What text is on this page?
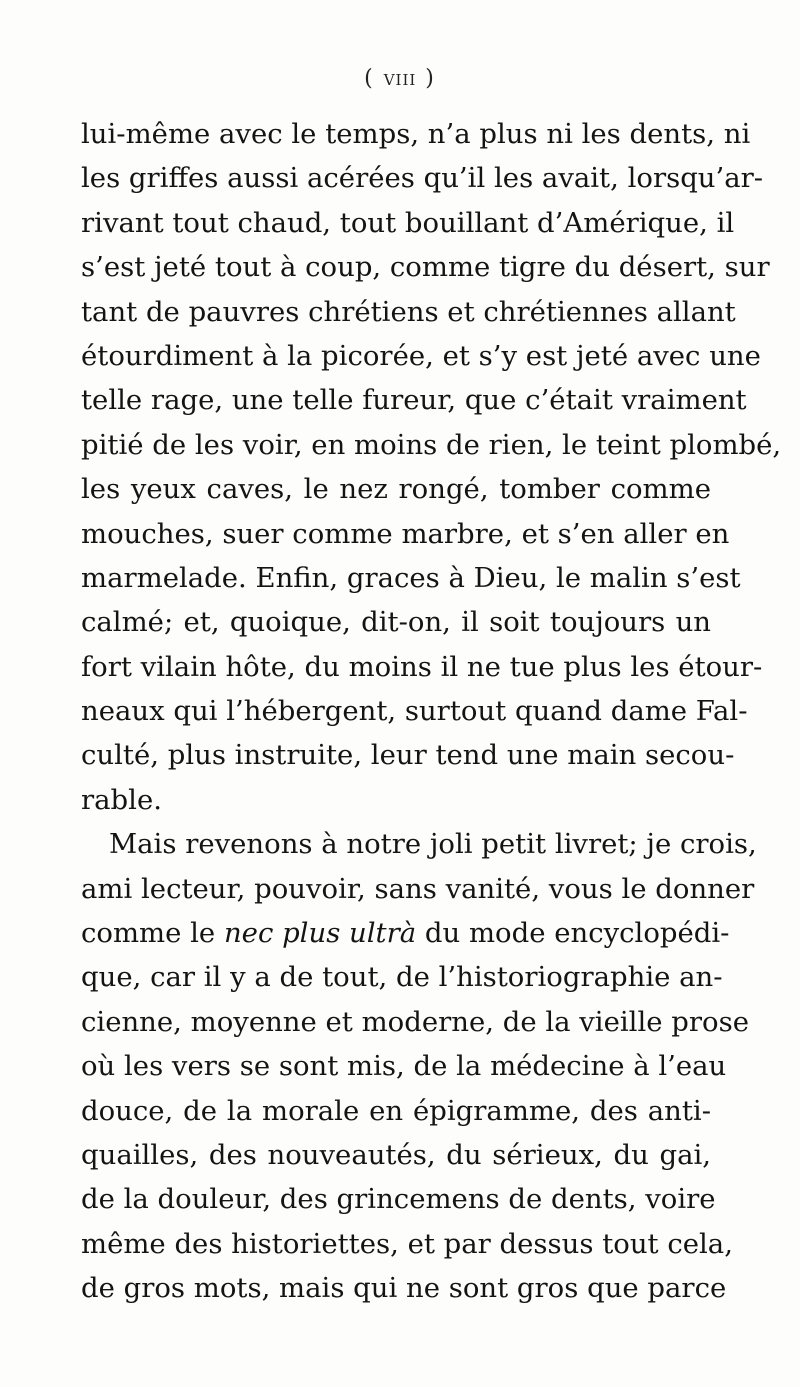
( VIII )
lui-même avec le temps, n’a plus ni les dents, ni
les griffes aussi acérées qu’il les avait, lorsqu’ar-
rivant tout chaud, tout bouillant d’Amérique, il
s’est jeté tout à coup, comme tigre du désert, sur
tant de pauvres chrétiens et chrétiennes allant
étourdiment à la picorée, et s’y est jeté avec une
telle rage, une telle fureur, que c’était vraiment
pitié de les voir, en moins de rien, le teint plombé,
les yeux caves, le nez rongé, tomber comme
mouches, suer comme marbre, et s’en aller en
marmelade. Enfin, graces à Dieu, le malin s’est
calmé; et, quoique, dit-on, il soit toujours un
fort vilain hôte, du moins il ne tue plus les étour-
neaux qui l’hébergent, surtout quand dame Fal-
culté, plus instruite, leur tend une main secou-
rable.
Mais revenons à notre joli petit livret; je crois,
ami lecteur, pouvoir, sans vanité, vous le donner
comme le nec plus ultrà du mode encyclopédi-
que, car il y a de tout, de l’historiographie an-
cienne, moyenne et moderne, de la vieille prose
où les vers se sont mis, de la médecine à l’eau
douce, de la morale en épigramme, des anti-
quailles, des nouveautés, du sérieux, du gai,
de la douleur, des grincemens de dents, voire
même des historiettes, et par dessus tout cela,
de gros mots, mais qui ne sont gros que parce
